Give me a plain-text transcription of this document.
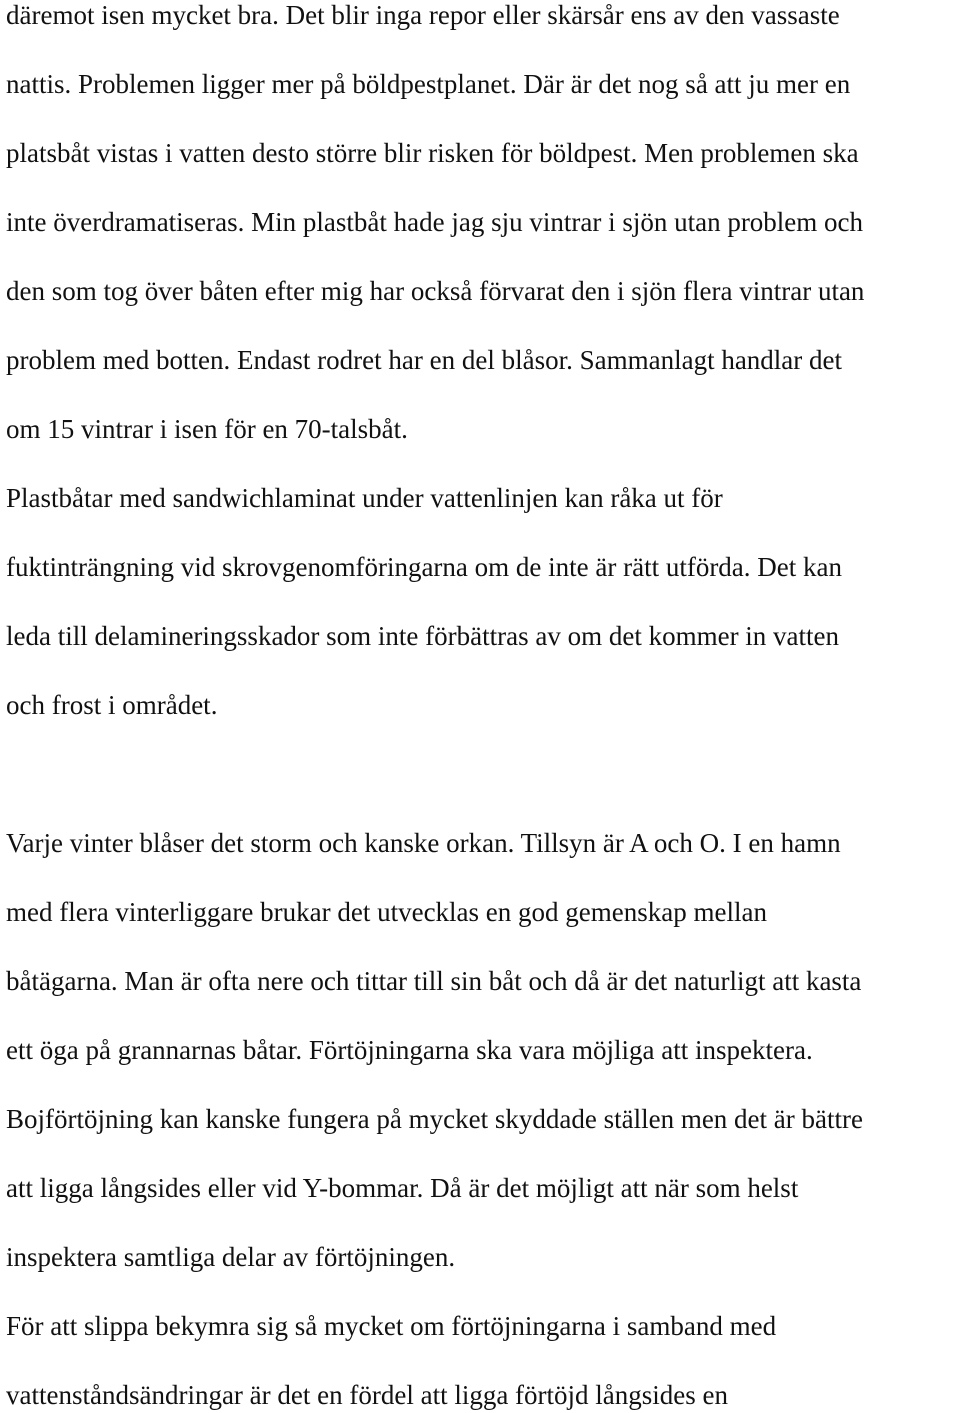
däremot isen mycket bra. Det blir inga repor eller skärsår ens av den vassaste
nattis. Problemen ligger mer på böldpestplanet. Där är det nog så att ju mer en
platsbåt vistas i vatten desto större blir risken för böldpest. Men problemen ska
inte överdramatiseras. Min plastbåt hade jag sju vintrar i sjön utan problem och
den som tog över båten efter mig har också förvarat den i sjön flera vintrar utan
problem med botten. Endast rodret har en del blåsor. Sammanlagt handlar det
om 15 vintrar i isen för en 70-talsbåt.
Plastbåtar med sandwichlaminat under vattenlinjen kan råka ut för
fuktinträngning vid skrovgenomföringarna om de inte är rätt utförda. Det kan
leda till delamineringsskador som inte förbättras av om det kommer in vatten
och frost i området.
Varje vinter blåser det storm och kanske orkan. Tillsyn är A och O. I en hamn
med flera vinterliggare brukar det utvecklas en god gemenskap mellan
båtägarna. Man är ofta nere och tittar till sin båt och då är det naturligt att kasta
ett öga på grannarnas båtar. Förtöjningarna ska vara möjliga att inspektera.
Bojförtöjning kan kanske fungera på mycket skyddade ställen men det är bättre
att ligga långsides eller vid Y-bommar. Då är det möjligt att när som helst
inspektera samtliga delar av förtöjningen.
För att slippa bekymra sig så mycket om förtöjningarna i samband med
vattenståndsändringar är det en fördel att ligga förtöjd långsides en
